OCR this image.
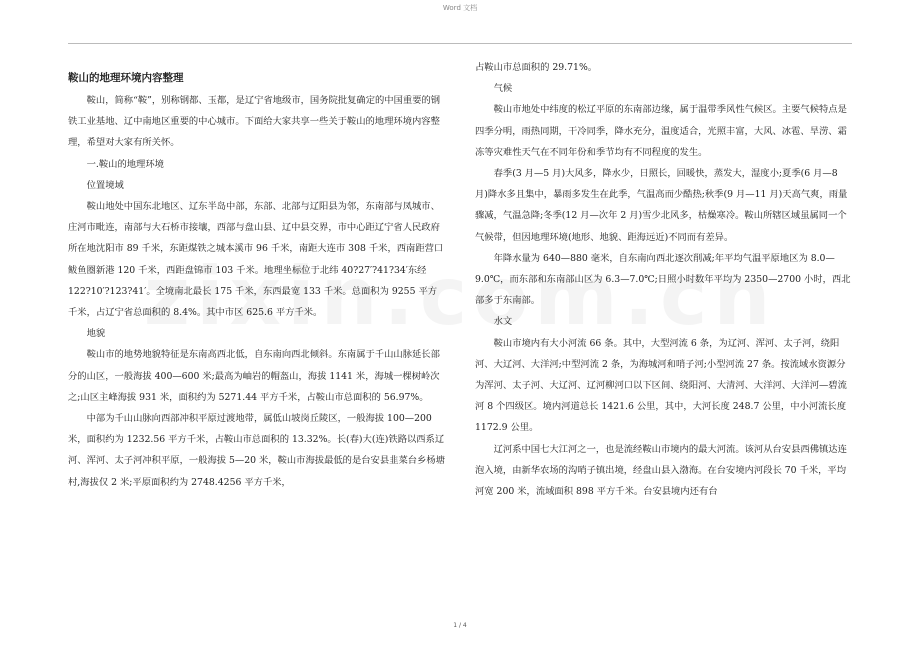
Word 文档

鞍山的地理环境内容整理

鞍山，简称“鞍”，别称钢都、玉都，是辽宁省地级市，国务院批复确定的中国重要的钢铁工业基地、辽中南地区重要的中心城市。下面给大家共享一些关于鞍山的地理环境内容整理，希望对大家有所关怀。

一.鞍山的地理环境

位置境域

鞍山地处中国东北地区、辽东半岛中部，东部、北部与辽阳县为邻，东南部与凤城市、庄河市毗连，南部与大石桥市接壤，西部与盘山县、辽中县交界，市中心距辽宁省人民政府所在地沈阳市 89 千米，东距煤铁之城本溪市 96 千米，南距大连市 308 千米，西南距营口鲅鱼圈新港 120 千米，西距盘锦市 103 千米。地理坐标位于北纬 40?27′?41?34′东经 122?10′?123?41′。全境南北最长 175 千米，东西最宽 133 千米。总面积为 9255 平方千米，占辽宁省总面积的 8.4%。其中市区 625.6 平方千米。

地貌

鞍山市的地势地貌特征是东南高西北低，自东南向西北倾斜。东南属于千山山脉延长部分的山区，一般海拔 400—600 米;最高为岫岩的帽盔山，海拔 1141 米，海城一棵树岭次之;山区主峰海拔 931 米，面积约为 5271.44 平方千米，占鞍山市总面积的 56.97%。

中部为千山山脉向西部冲积平原过渡地带，属低山坡岗丘陵区，一般海拔 100—200 米，面积约为 1232.56 平方千米，占鞍山市总面积的 13.32%。长(春)大(连)铁路以西系辽河、浑河、太子河冲积平原，一般海拔 5—20 米，鞍山市海拔最低的是台安县韭菜台乡杨塘村,海拔仅 2 米;平原面积约为 2748.4256 平方千米，

占鞍山市总面积的 29.71%。

气候

鞍山市地处中纬度的松辽平原的东南部边缘，属于温带季风性气候区。主要气候特点是 四季分明，雨热同期，干冷同季，降水充分，温度适合，光照丰富，大风、冰雹、旱涝、霜冻等灾难性天气在不同年份和季节均有不同程度的发生。

春季(3 月—5 月)大风多，降水少，日照长，回暖快，蒸发大，湿度小;夏季(6 月—8 月)降水多且集中，暴雨多发生在此季，气温高而少酷热;秋季(9 月—11 月)天高气爽，雨量骤减，气温急降;冬季(12 月—次年 2 月)雪少北风多，枯燥寒冷。鞍山所辖区域虽属同一个气候带，但因地理环境(地形、地貌、距海远近)不同而有差异。

年降水量为 640—880 毫米，自东南向西北逐次削减;年平均气温平原地区为 8.0—9.0℃，而东部和东南部山区为 6.3—7.0℃;日照小时数年平均为 2350—2700 小时，西北部多于东南部。

水文

鞍山市境内有大小河流 66 条。其中，大型河流 6 条，为辽河、浑河、太子河，绕阳河、大辽河、大洋河;中型河流 2 条，为海城河和哨子河;小型河流 27 条。按流域水资源分为浑河、太子河、大辽河、辽河柳河口以下区间、绕阳河、大清河、大洋河、大洋河—碧流河 8 个四级区。境内河道总长 1421.6 公里，其中，大河长度 248.7 公里，中小河流长度 1172.9 公里。

辽河系中国七大江河之一，也是流经鞍山市境内的最大河流。该河从台安县西佛镇达连泡入境，由新华农场的沟哨子镇出境，经盘山县入渤海。在台安境内河段长 70 千米，平均河宽 200 米，流域面积 898 平方千米。台安县境内还有台

1 / 4
